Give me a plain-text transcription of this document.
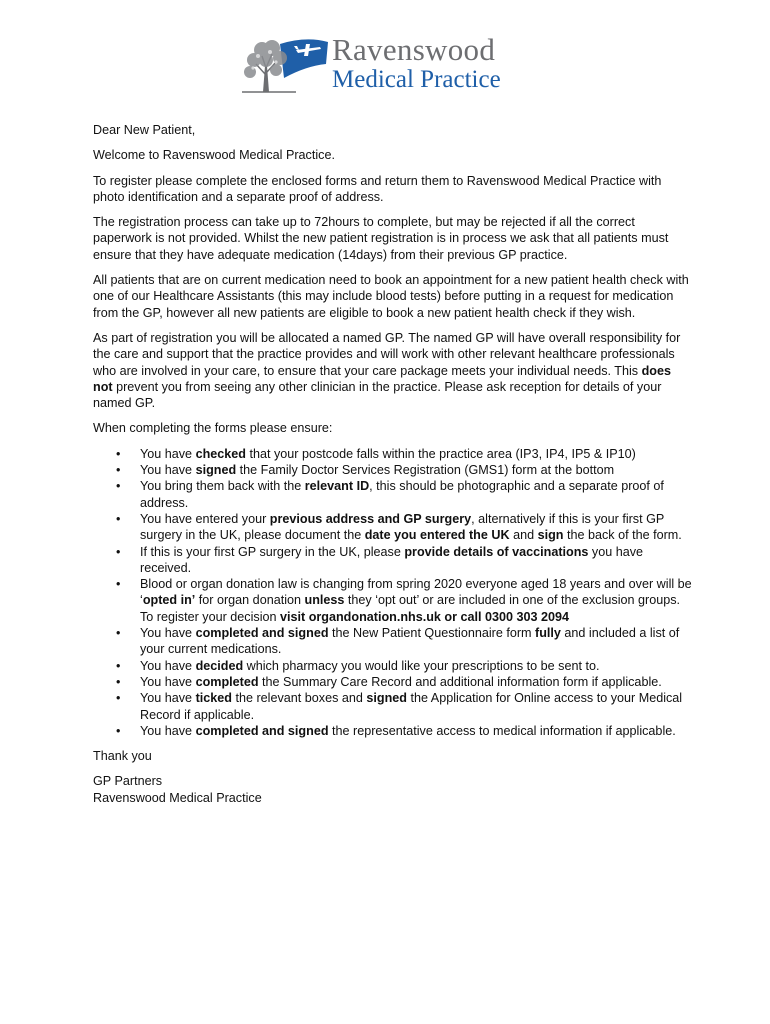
Ravenswood
Medical Practice

Dear New Patient,

Welcome to Ravenswood Medical Practice.

To register please complete the enclosed forms and return them to Ravenswood Medical Practice with photo identification and a separate proof of address.

The registration process can take up to 72hours to complete, but may be rejected if all the correct paperwork is not provided. Whilst the new patient registration is in process we ask that all patients must ensure that they have adequate medication (14days) from their previous GP practice.

All patients that are on current medication need to book an appointment for a new patient health check with one of our Healthcare Assistants (this may include blood tests) before putting in a request for medication from the GP, however all new patients are eligible to book a new patient health check if they wish.

As part of registration you will be allocated a named GP. The named GP will have overall responsibility for the care and support that the practice provides and will work with other relevant healthcare professionals who are involved in your care, to ensure that your care package meets your individual needs. This does not prevent you from seeing any other clinician in the practice. Please ask reception for details of your named GP.

When completing the forms please ensure:

• You have checked that your postcode falls within the practice area (IP3, IP4, IP5 & IP10)
• You have signed the Family Doctor Services Registration (GMS1) form at the bottom
• You bring them back with the relevant ID, this should be photographic and a separate proof of address.
• You have entered your previous address and GP surgery, alternatively if this is your first GP surgery in the UK, please document the date you entered the UK and sign the back of the form.
• If this is your first GP surgery in the UK, please provide details of vaccinations you have received.
• Blood or organ donation law is changing from spring 2020 everyone aged 18 years and over will be ‘opted in’ for organ donation unless they ‘opt out’ or are included in one of the exclusion groups. To register your decision visit organdonation.nhs.uk or call 0300 303 2094
• You have completed and signed the New Patient Questionnaire form fully and included a list of your current medications.
• You have decided which pharmacy you would like your prescriptions to be sent to.
• You have completed the Summary Care Record and additional information form if applicable.
• You have ticked the relevant boxes and signed the Application for Online access to your Medical Record if applicable.
• You have completed and signed the representative access to medical information if applicable.

Thank you

GP Partners

Ravenswood Medical Practice
